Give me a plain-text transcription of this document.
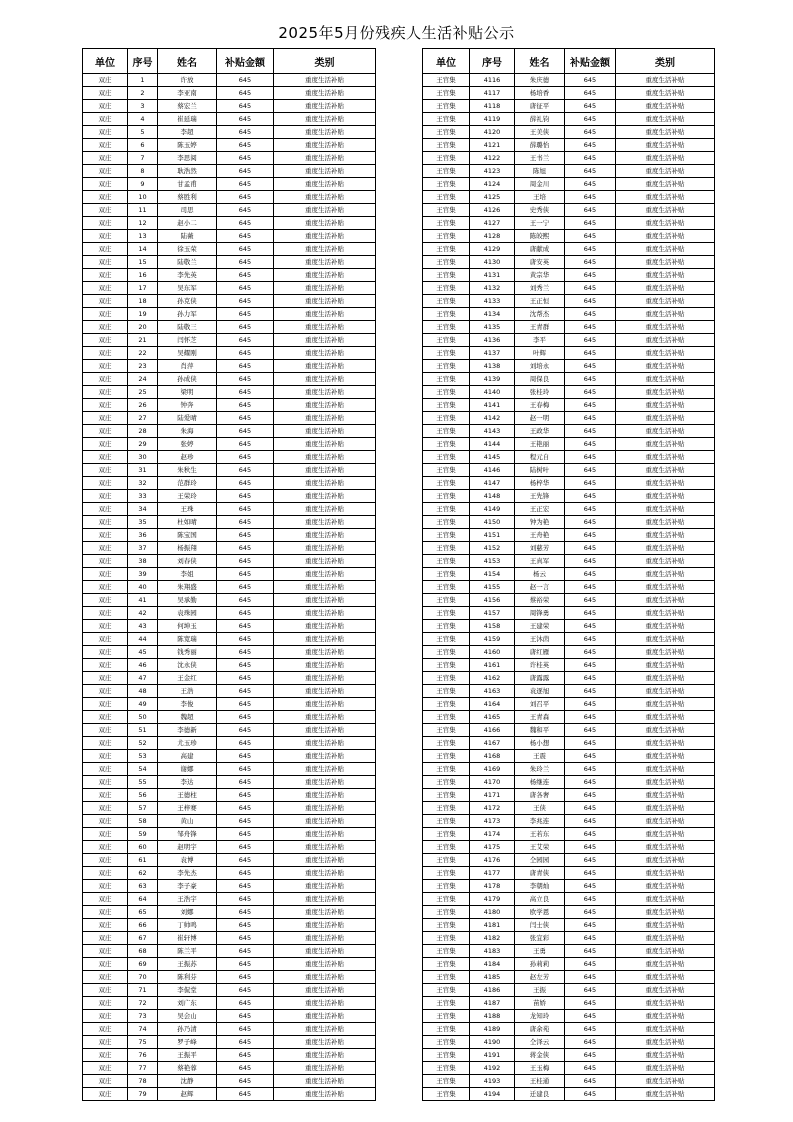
2025年5月份残疾人生活补贴公示
单位	序号	姓名	补贴金额	类别
双庄	1	许放	645	重度生活补贴
双庄	2	李亚南	645	重度生活补贴
双庄	3	蔡宏兰	645	重度生活补贴
双庄	4	崔延瑞	645	重度生活补贴
双庄	5	李超	645	重度生活补贴
双庄	6	陈玉婷	645	重度生活补贴
双庄	7	李思阅	645	重度生活补贴
双庄	8	耿浩然	645	重度生活补贴
双庄	9	甘孟甫	645	重度生活补贴
双庄	10	蔡胜利	645	重度生活补贴
双庄	11	司思	645	重度生活补贴
双庄	12	赵小二	645	重度生活补贴
双庄	13	陆薇	645	重度生活补贴
双庄	14	徐玉荣	645	重度生活补贴
双庄	15	陆敬兰	645	重度生活补贴
双庄	16	李先英	645	重度生活补贴
双庄	17	吴东军	645	重度生活补贴
双庄	18	孙克侠	645	重度生活补贴
双庄	19	孙力军	645	重度生活补贴
双庄	20	陆敬三	645	重度生活补贴
双庄	21	闫怀芝	645	重度生活补贴
双庄	22	吴耀刚	645	重度生活补贴
双庄	23	肖萍	645	重度生活补贴
双庄	24	孙成侠	645	重度生活补贴
双庄	25	梁明	645	重度生活补贴
双庄	26	钟奔	645	重度生活补贴
双庄	27	陆爱晴	645	重度生活补贴
双庄	28	朱海	645	重度生活补贴
双庄	29	张婷	645	重度生活补贴
双庄	30	赵珍	645	重度生活补贴
双庄	31	朱秋生	645	重度生活补贴
双庄	32	范群玲	645	重度生活补贴
双庄	33	王荣玲	645	重度生活补贴
双庄	34	王珠	645	重度生活补贴
双庄	35	杜如晴	645	重度生活补贴
双庄	36	陈宝国	645	重度生活补贴
双庄	37	杨振翔	645	重度生活补贴
双庄	38	刘春侠	645	重度生活补贴
双庄	39	李姐	645	重度生活补贴
双庄	40	朱翔盛	645	重度生活补贴
双庄	41	吴承勤	645	重度生活补贴
双庄	42	袁珠园	645	重度生活补贴
双庄	43	何坤玉	645	重度生活补贴
双庄	44	陈宽瑞	645	重度生活补贴
双庄	45	钱秀丽	645	重度生活补贴
双庄	46	沈永侠	645	重度生活补贴
双庄	47	王金红	645	重度生活补贴
双庄	48	王浩	645	重度生活补贴
双庄	49	李俊	645	重度生活补贴
双庄	50	魏超	645	重度生活补贴
双庄	51	李德新	645	重度生活补贴
双庄	52	尤玉珍	645	重度生活补贴
双庄	53	高建	645	重度生活补贴
双庄	54	谢娜	645	重度生活补贴
双庄	55	李达	645	重度生活补贴
双庄	56	王德柱	645	重度生活补贴
双庄	57	王梓赛	645	重度生活补贴
双庄	58	黄山	645	重度生活补贴
双庄	59	邹舟锋	645	重度生活补贴
双庄	60	赵明宇	645	重度生活补贴
双庄	61	袁博	645	重度生活补贴
双庄	62	李先杰	645	重度生活补贴
双庄	63	李子豪	645	重度生活补贴
双庄	64	王浩宇	645	重度生活补贴
双庄	65	刘娜	645	重度生活补贴
双庄	66	丁帅鸣	645	重度生活补贴
双庄	67	崔轩博	645	重度生活补贴
双庄	68	陈兰平	645	重度生活补贴
双庄	69	王振苏	645	重度生活补贴
双庄	70	陈利芬	645	重度生活补贴
双庄	71	李侃堂	645	重度生活补贴
双庄	72	刘广东	645	重度生活补贴
双庄	73	吴会山	645	重度生活补贴
双庄	74	孙乃清	645	重度生活补贴
双庄	75	罗子峰	645	重度生活补贴
双庄	76	王振平	645	重度生活补贴
双庄	77	蔡艳蓉	645	重度生活补贴
双庄	78	沈静	645	重度生活补贴
双庄	79	赵辉	645	重度生活补贴
单位	序号	姓名	补贴金额	类别
王官集	4116	朱庆德	645	重度生活补贴
王官集	4117	杨培香	645	重度生活补贴
王官集	4118	唐征平	645	重度生活补贴
王官集	4119	薛礼钧	645	重度生活补贴
王官集	4120	王美侠	645	重度生活补贴
王官集	4121	薛璐怡	645	重度生活补贴
王官集	4122	王书兰	645	重度生活补贴
王官集	4123	陈旭	645	重度生活补贴
王官集	4124	周金川	645	重度生活补贴
王官集	4125	王培	645	重度生活补贴
王官集	4126	史秀侠	645	重度生活补贴
王官集	4127	王一宁	645	重度生活补贴
王官集	4128	陈皎熙	645	重度生活补贴
王官集	4129	唐献成	645	重度生活补贴
王官集	4130	唐安英	645	重度生活补贴
王官集	4131	黄宗华	645	重度生活补贴
王官集	4132	刘秀兰	645	重度生活补贴
王官集	4133	王正恒	645	重度生活补贴
王官集	4134	沈帮杰	645	重度生活补贴
王官集	4135	王青群	645	重度生活补贴
王官集	4136	李平	645	重度生活补贴
王官集	4137	叶辉	645	重度生活补贴
王官集	4138	刘培永	645	重度生活补贴
王官集	4139	周保良	645	重度生活补贴
王官集	4140	张桂玲	645	重度生活补贴
王官集	4141	王春梅	645	重度生活补贴
王官集	4142	赵一明	645	重度生活补贴
王官集	4143	王政华	645	重度生活补贴
王官集	4144	王艳丽	645	重度生活补贴
王官集	4145	程元自	645	重度生活补贴
王官集	4146	陆树叶	645	重度生活补贴
王官集	4147	杨梓华	645	重度生活补贴
王官集	4148	王先锋	645	重度生活补贴
王官集	4149	王正宏	645	重度生活补贴
王官集	4150	钟为艳	645	重度生活补贴
王官集	4151	王舟艳	645	重度生活补贴
王官集	4152	刘慈芳	645	重度生活补贴
王官集	4153	王真军	645	重度生活补贴
王官集	4154	杨云	645	重度生活补贴
王官集	4155	赵一言	645	重度生活补贴
王官集	4156	蔡裕荣	645	重度生活补贴
王官集	4157	周锋勇	645	重度生活补贴
王官集	4158	王建荣	645	重度生活补贴
王官集	4159	王沐茵	645	重度生活补贴
王官集	4160	唐红雁	645	重度生活补贴
王官集	4161	许桂英	645	重度生活补贴
王官集	4162	唐露露	645	重度生活补贴
王官集	4163	袁逐旭	645	重度生活补贴
王官集	4164	刘召平	645	重度生活补贴
王官集	4165	王青森	645	重度生活补贴
王官集	4166	魏和平	645	重度生活补贴
王官集	4167	杨小想	645	重度生活补贴
王官集	4168	王震	645	重度生活补贴
王官集	4169	朱玲兰	645	重度生活补贴
王官集	4170	杨继连	645	重度生活补贴
王官集	4171	唐各奢	645	重度生活补贴
王官集	4172	王侠	645	重度生活补贴
王官集	4173	李兆连	645	重度生活补贴
王官集	4174	王若东	645	重度生活补贴
王官集	4175	王艾荣	645	重度生活补贴
王官集	4176	仝园园	645	重度生活补贴
王官集	4177	唐青侠	645	重度生活补贴
王官集	4178	李朝灿	645	重度生活补贴
王官集	4179	高立良	645	重度生活补贴
王官集	4180	欧学恩	645	重度生活补贴
王官集	4181	闫士侠	645	重度生活补贴
王官集	4182	张宜彩	645	重度生活补贴
王官集	4183	王勇	645	重度生活补贴
王官集	4184	孙莉莉	645	重度生活补贴
王官集	4185	赵左芳	645	重度生活补贴
王官集	4186	王振	645	重度生活补贴
王官集	4187	苗娇	645	重度生活补贴
王官集	4188	龙知玲	645	重度生活补贴
王官集	4189	唐余苑	645	重度生活补贴
王官集	4190	仝泽云	645	重度生活补贴
王官集	4191	蒋金侠	645	重度生活补贴
王官集	4192	王玉梅	645	重度生活补贴
王官集	4193	王桂通	645	重度生活补贴
王官集	4194	迁建良	645	重度生活补贴
